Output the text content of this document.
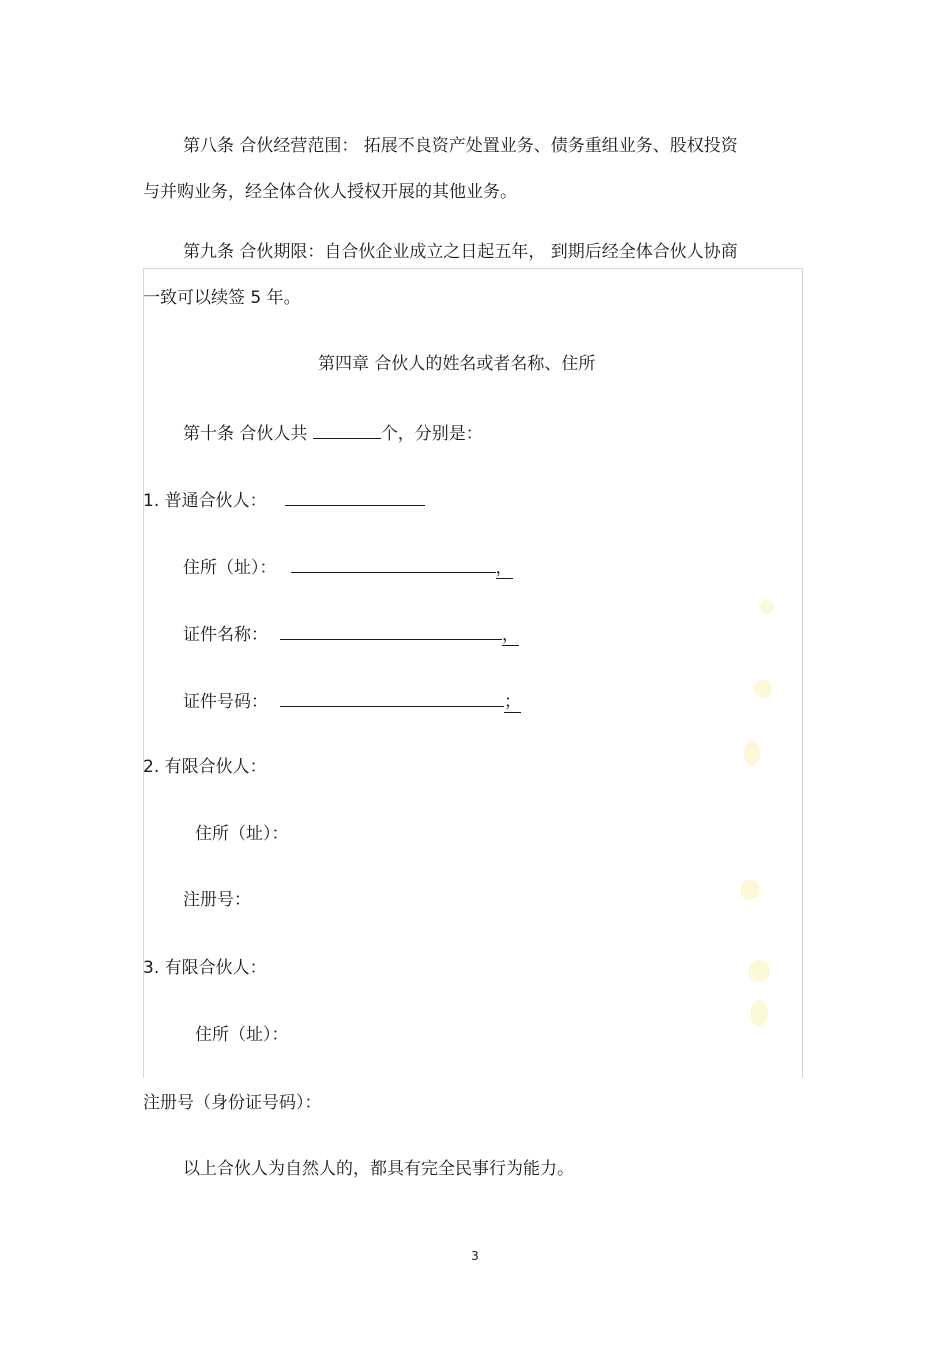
第八条 合伙经营范围： 拓展不良资产处置业务、债务重组业务、股权投资
与并购业务，经全体合伙人授权开展的其他业务。
第九条 合伙期限：自合伙企业成立之日起五年， 到期后经全体合伙人协商
一致可以续签 5 年。
第四章 合伙人的姓名或者名称、住所
第十条 合伙人共	个，分别是：
1. 普通合伙人：
住所（址）：	，
证件名称：	，
证件号码：	；
2. 有限合伙人：
住所（址）：
注册号：
3. 有限合伙人：
住所（址）：
注册号（身份证号码）：
以上合伙人为自然人的，都具有完全民事行为能力。
3
